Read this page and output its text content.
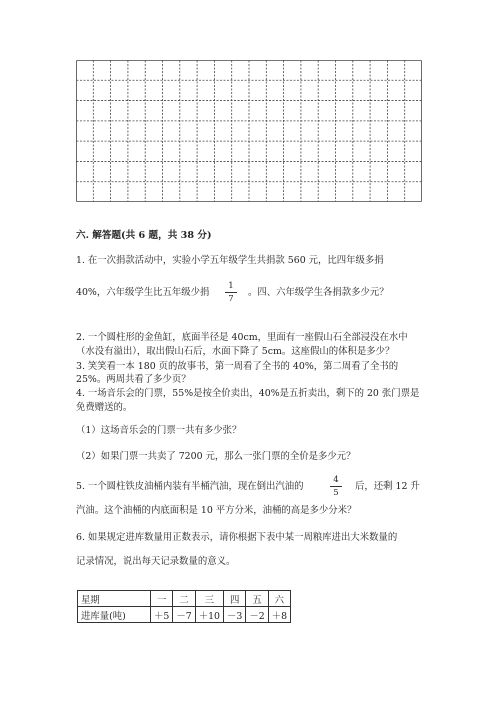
六. 解答题(共 6 题，共 38 分)
1. 在一次捐款活动中，实验小学五年级学生共捐款 560 元，比四年级多捐
40%，六年级学生比五年级少捐
1
7
。四、六年级学生各捐款多少元？
2. 一个圆柱形的金鱼缸，底面半径是 40cm，里面有一座假山石全部浸没在水中
（水没有溢出），取出假山石后，水面下降了 5cm。这座假山的体积是多少？
3. 笑笑看一本 180 页的故事书，第一周看了全书的 40%，第二周看了全书的
25%。两周共看了多少页？
4. 一场音乐会的门票，55%是按全价卖出，40%是五折卖出，剩下的 20 张门票是
免费赠送的。
（1）这场音乐会的门票一共有多少张？
（2）如果门票一共卖了 7200 元，那么一张门票的全价是多少元？
5. 一个圆柱铁皮油桶内装有半桶汽油，现在倒出汽油的
4
5
后，还剩 12 升
汽油。这个油桶的内底面积是 10 平方分米，油桶的高是多少分米？
6. 如果规定进库数量用正数表示，请你根据下表中某一周粮库进出大米数量的
记录情况，说出每天记录数量的意义。
星期	一	二	三	四	五	六
进库量(吨)	＋5	－7	＋10	－3	－2	＋8
